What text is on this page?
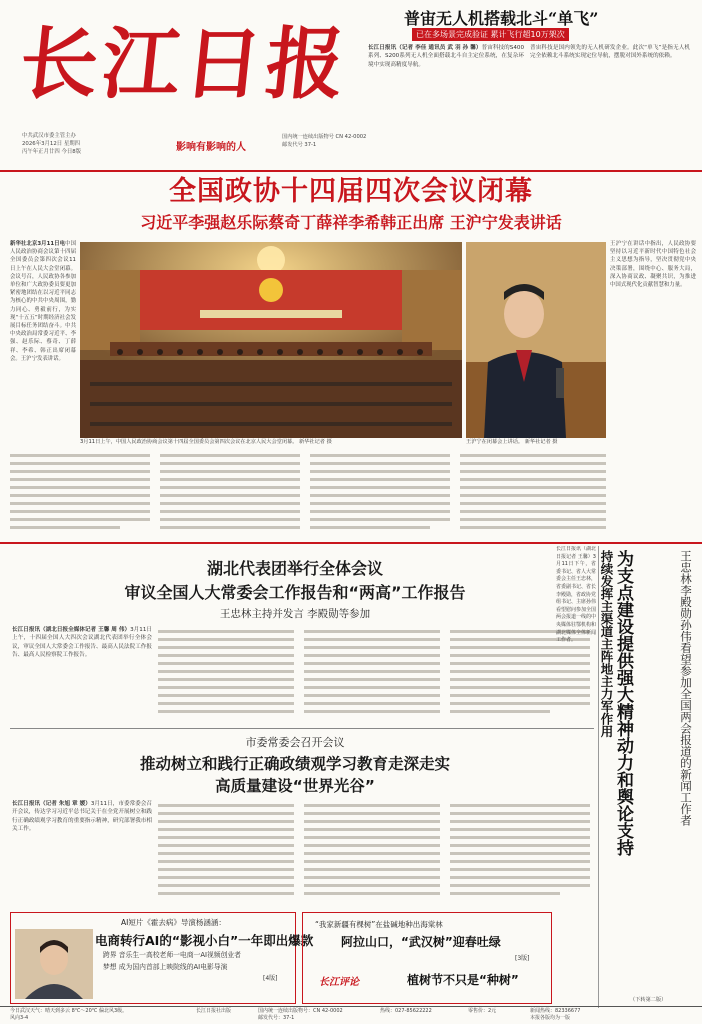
长江日报
影响有影响的人
中共武汉市委主管主办
2026年3月12日 星期四
丙午年正月廿四 今日8版
国内统一连续出版物号 CN 42-0002
邮发代号 37-1
普宙无人机搭载北斗“单飞”
已在多场景完成验证 累计飞行超10万架次
长江日报讯（记者 李佳 通讯员 武 羽 孙 馨）普宙科技的S400系列、S200系列无人机全面搭载北斗自主定位系统，在复杂环境中实现高精度导航。
普宙科技是国内领先的无人机研发企业。此次“单飞”是指无人机完全依赖北斗系统实现定位导航，摆脱对国外系统的依赖。
全国政协十四届四次会议闭幕
习近平李强赵乐际蔡奇丁薛祥李希韩正出席 王沪宁发表讲话
新华社北京3月11日电中国人民政治协商会议第十四届全国委员会第四次会议11日上午在人民大会堂闭幕。会议号召，人民政协各参加单位和广大政协委员要更加紧密地团结在以习近平同志为核心的中共中央周围，勠力同心、勇毅前行，为实现“十五五”时期经济社会发展目标任务团结奋斗。中共中央政治局常委习近平、李强、赵乐际、蔡奇、丁薛祥、李希、韩正出席闭幕会。王沪宁发表讲话。
3月11日上午，中国人民政治协商会议第十四届全国委员会第四次会议在北京人民大会堂闭幕。 新华社记者 摄	王沪宁在闭幕会上讲话。 新华社记者 摄
王沪宁在讲话中指出，人民政协要坚持以习近平新时代中国特色社会主义思想为指导，坚决贯彻党中央决策部署，围绕中心、服务大局，深入协商议政、凝聚共识，为推进中国式现代化贡献智慧和力量。
湖北代表团举行全体会议
审议全国人大常委会工作报告和“两高”工作报告
王忠林主持并发言 李殿勋等参加
长江日报讯（湖北日报全媒体记者 王馨 周 伟）3月11日上午，十四届全国人大四次会议湖北代表团举行全体会议，审议全国人大常委会工作报告、最高人民法院工作报告、最高人民检察院工作报告。
市委常委会召开会议
推动树立和践行正确政绩观学习教育走深走实
高质量建设“世界光谷”
长江日报讯（记者 朱旭 章 媛）3月11日，市委常委会召开会议，传达学习习近平总书记关于在全党开展树立和践行正确政绩观学习教育的重要指示精神，研究部署我市相关工作。	为支点建设提供强大精神动力和舆论支持
持续发挥主渠道主阵地主力军作用	王忠林李殿勋孙伟看望参加全国两会报道的新闻工作者
长江日报讯（湖北日报记者 王馨）3月11日下午，省委书记、省人大常委会主任王忠林，省委副书记、省长李殿勋，省政协党组书记、主席孙伟看望慰问参加全国两会报道一线的中央媒体驻鄂机构和湖北媒体全体新闻工作者。
（下转第二版）
AI短片《霍去病》导演杨涵涵：
电商转行AI的“影视小白”一年即出爆款
[4版]
跨界 音乐生一高校老师一电商一AI视频创业者
梦想 成为国内首部上映院线的AI电影导演
“我家新疆有棵树”在盐碱地种出海棠林
阿拉山口，“武汉树”迎春吐绿
[3版]
长江评论	植树节不只是“种树”
今日武汉天气：晴天到多云 8℃～20℃ 偏北风3级。
风向3-4
长江日报社出版	国内统一连续出版物号：CN 42-0002
邮发代号：37-1
热线：027-85622222	零售价：2元	新闻热线：82336677
本报各版均为一版
